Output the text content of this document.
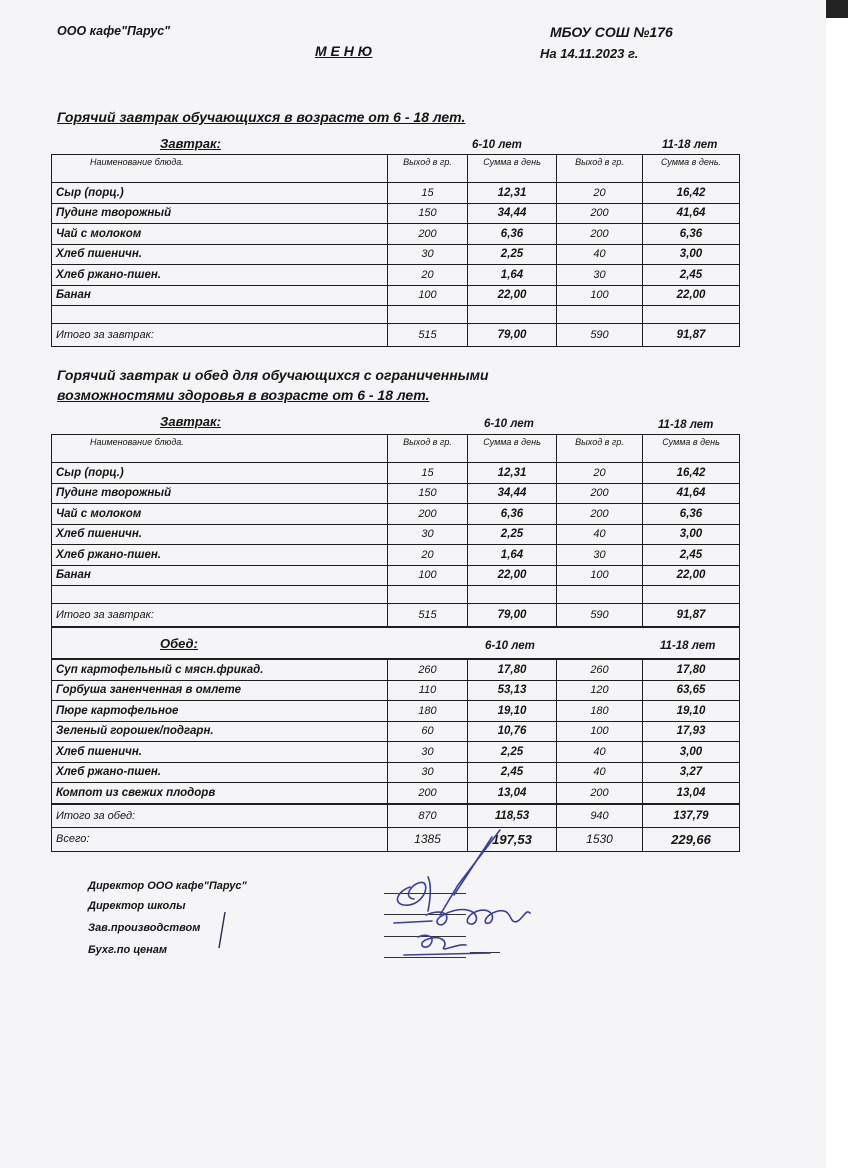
ООО кафе"Парус"	МБОУ СОШ №176
М Е Н Ю	На 14.11.2023 г.
Горячий завтрак обучающихся в возрасте от 6 - 18 лет.
Завтрак:	6-10 лет	11-18 лет
Наименование блюда.	Выход в гр.	Сумма в день	Выход в гр.	Сумма в день.
Сыр (порц.)	15	12,31	20	16,42
Пудинг творожный	150	34,44	200	41,64
Чай с молоком	200	6,36	200	6,36
Хлеб пшеничн.	30	2,25	40	3,00
Хлеб ржано-пшен.	20	1,64	30	2,45
Банан	100	22,00	100	22,00

Итого за завтрак:	515	79,00	590	91,87
Горячий завтрак и обед для обучающихся с ограниченными
возможностями здоровья в возрасте от 6 - 18 лет.
Завтрак:	6-10 лет	11-18 лет
Наименование блюда.	Выход в гр.	Сумма в день	Выход в гр.	Сумма в день
Сыр (порц.)	15	12,31	20	16,42
Пудинг творожный	150	34,44	200	41,64
Чай с молоком	200	6,36	200	6,36
Хлеб пшеничн.	30	2,25	40	3,00
Хлеб ржано-пшен.	20	1,64	30	2,45
Банан	100	22,00	100	22,00

Итого за завтрак:	515	79,00	590	91,87

Обед: 6-10 лет 11-18 лет				

Суп картофельный с мясн.фрикад.	260	17,80	260	17,80
Горбуша заненченная в омлете	110	53,13	120	63,65
Пюре картофельное	180	19,10	180	19,10
Зеленый горошек/подгарн.	60	10,76	100	17,93
Хлеб пшеничн.	30	2,25	40	3,00
Хлеб ржано-пшен.	30	2,45	40	3,27
Компот из свежих плодорв	200	13,04	200	13,04
Итого за обед:	870	118,53	940	137,79
Всего:	1385	197,53	1530	229,66
Директор ООО кафе"Парус"
Директор школы
Зав.производством
Бухг.по ценам
